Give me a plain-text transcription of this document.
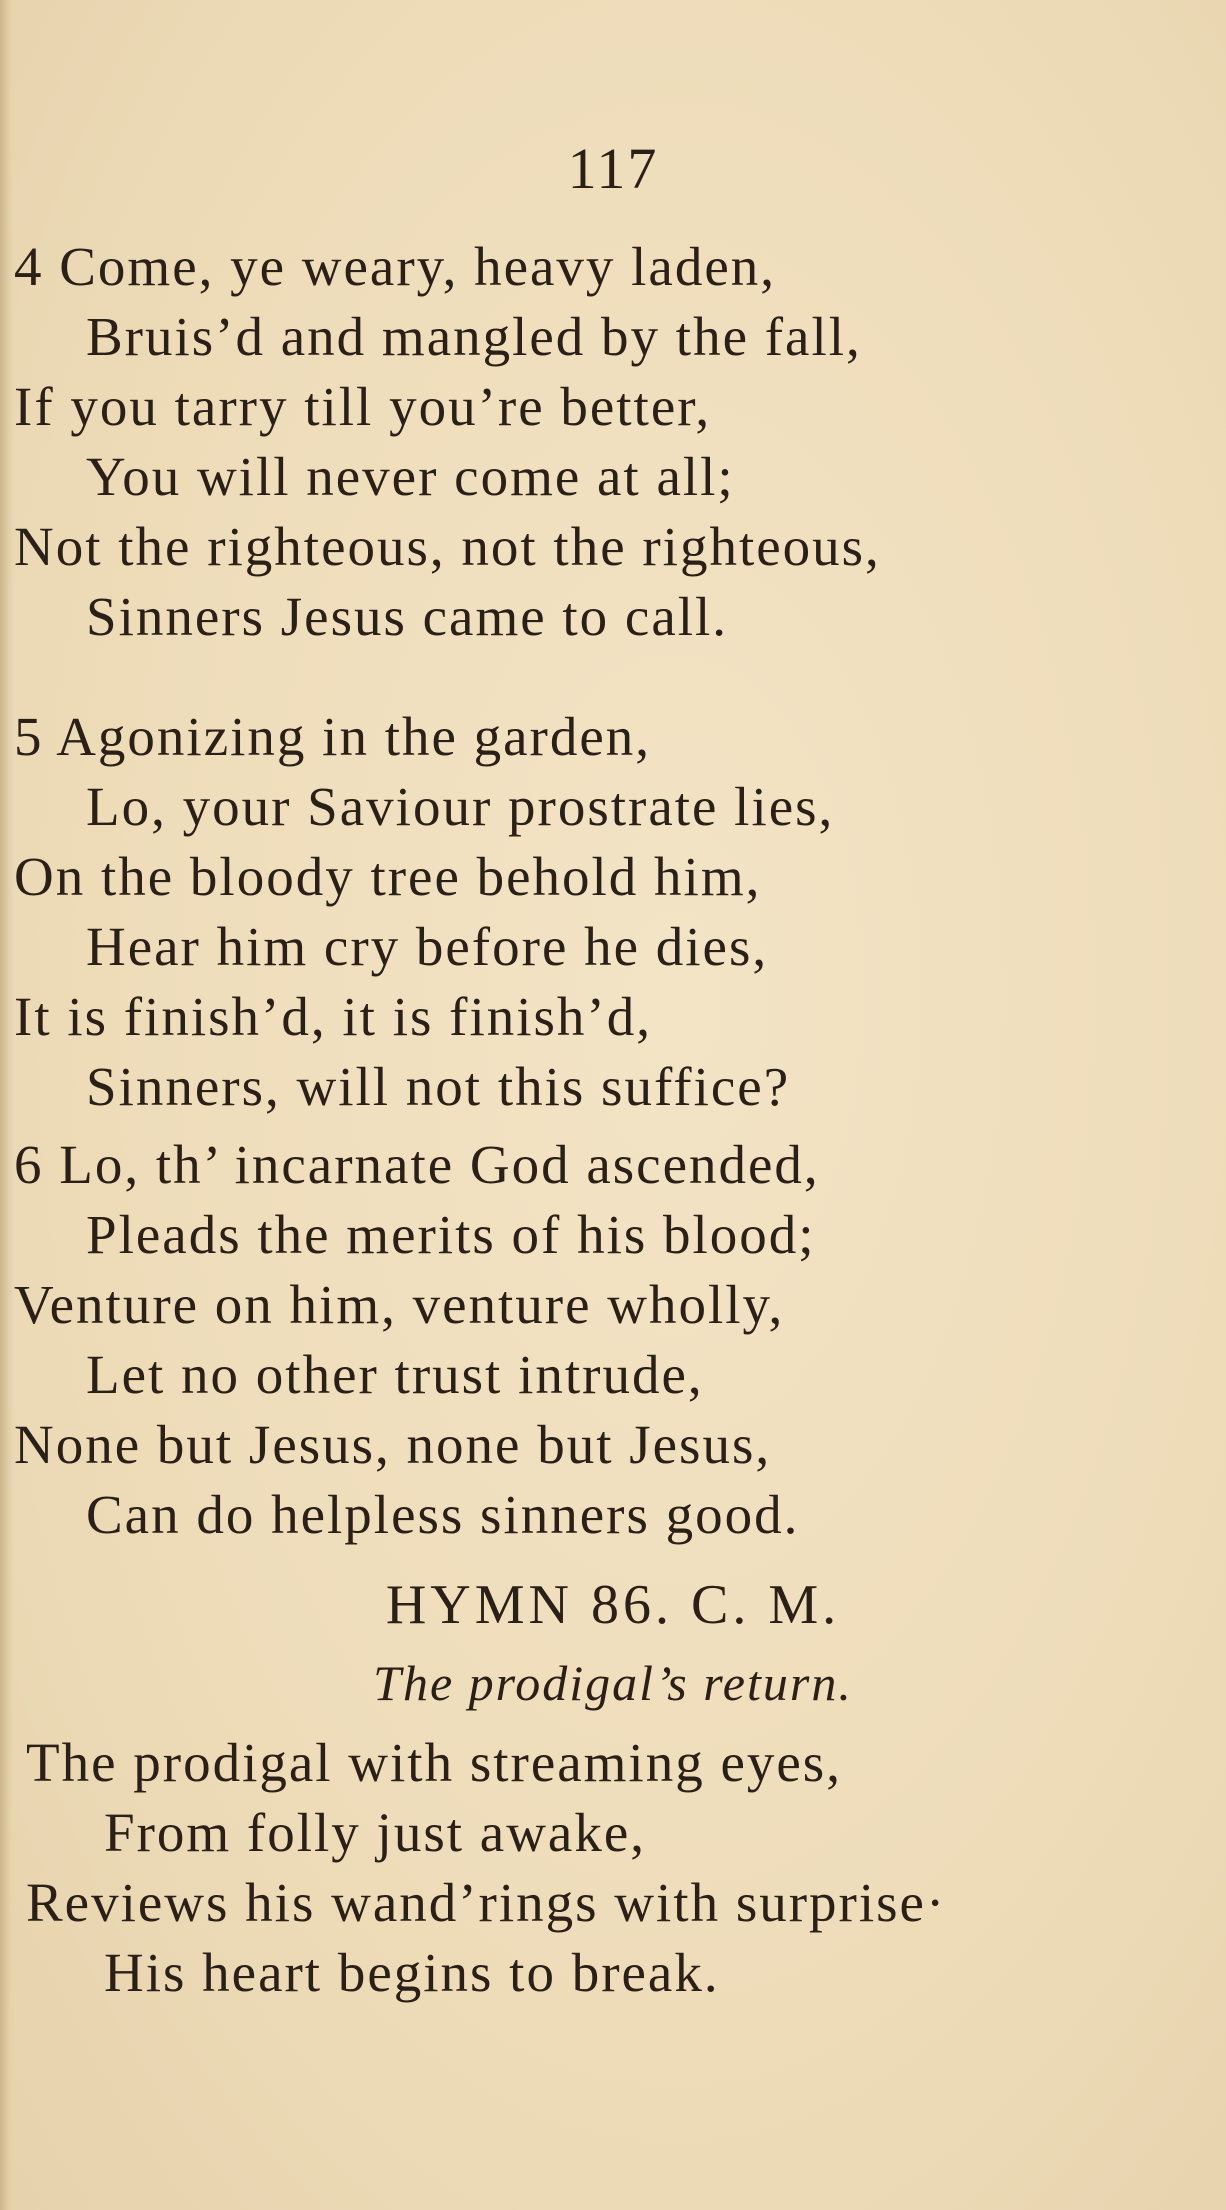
117
4 Come, ye weary, heavy laden,
Bruis’d and mangled by the fall,
If you tarry till you’re better,
You will never come at all;
Not the righteous, not the righteous,
Sinners Jesus came to call.
5 Agonizing in the garden,
Lo, your Saviour prostrate lies,
On the bloody tree behold him,
Hear him cry before he dies,
It is finish’d, it is finish’d,
Sinners, will not this suffice?
6 Lo, th’ incarnate God ascended,
Pleads the merits of his blood;
Venture on him, venture wholly,
Let no other trust intrude,
None but Jesus, none but Jesus,
Can do helpless sinners good.
HYMN 86. C. M.
The prodigal’s return.
The prodigal with streaming eyes,
From folly just awake,
Reviews his wand’rings with surprise·
His heart begins to break.
